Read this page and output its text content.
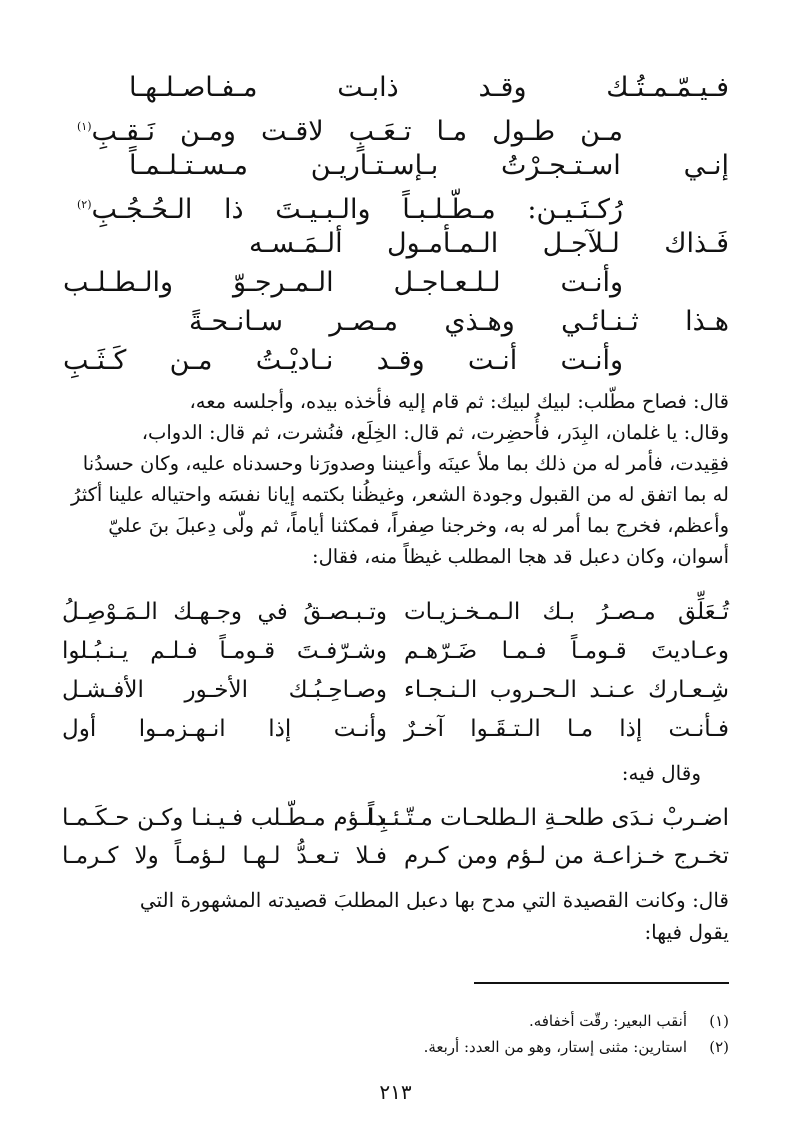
فـيـمّـمـتُـك وقـد ذابـت مـفـاصـلـهـا
مـن طـول مـا تـعَـبٍ لاقـت ومـن نَـقـبِ$^{(١)}$
إنـي اسـتـجـرْتُ بـإسـتـاريـن مـسـتـلـمـاً
رُكـنَـيـن: مـطّـلـبـاً والـبـيـتَ ذا الـحُـجُـبِ$^{(٢)}$
فَـذاك لـلآجـل الـمـأمـول ألـمَـسـه
وأنـت لـلـعـاجـل الـمـرجـوّ والـطـلـب
هـذا ثـنـائـي وهـذي مـصـر سـانـحـةً
وأنـت أنـت وقـد نـاديْـتُ مـن كَـثَـبِ

قال: فصاح مطّلب: لبيك لبيك: ثم قام إليه فأخذه بيده، وأجلسه معه،

وقال: يا غلمان، البِدَر، فأُحضِرت، ثم قال: الخِلَع، فنُشرت، ثم قال: الدواب،

فقِيدت، فأمر له من ذلك بما ملأ عينَه وأعيننا وصدورَنا وحسدناه عليه، وكان حسدُنا

له بما اتفق له من القبول وجودة الشعر، وغيظُنا بكتمه إيانا نفسَه واحتياله علينا أكثرُ

وأعظم، فخرج بما أمر له به، وخرجنا صِفراً، فمكثنا أياماً، ثم ولّى دِعبلَ بنَ عليّ

أسوان، وكان دعبل قد هجا المطلب غيظاً منه، فقال:

تُـعَلِّق مـصـرُ بـك الـمـخـزيـات
وتـبـصـقُ في وجـهـك الـمَـوْصِـلُ
وعـاديتَ قـومـاً فـمـا ضَـرّهـم
وشـرّفـتَ قـومـاً فـلـم يـنـبُـلوا
شِـعـارك عـنـد الـحـروب الـنـجـاء
وصـاحِـبُـك الأخـور الأفـشـل
فـأنـت إذا مـا الـتـقَـوا آخـرٌ
وأنـت إذا انـهـزمـوا أول
وقال فيه:
اضـربْ نـدَى طلحـةِ الـطلحـات مـتّـئـداً
بِـلـؤم مـطّـلب فـيـنـا وكـن حـكَـمـا
تخـرج خـزاعـة من لـؤم ومن كـرم
فـلا تـعـدُّ لـهـا لـؤمـاً ولا كـرمـا

قال: وكانت القصيدة التي مدح بها دعبل المطلبَ قصيدته المشهورة التي

يقول فيها:

(١)أنقب البعير: رقّت أخفافه.
(٢)استارين: مثنى إستار، وهو من العدد: أربعة.
٢١٣
